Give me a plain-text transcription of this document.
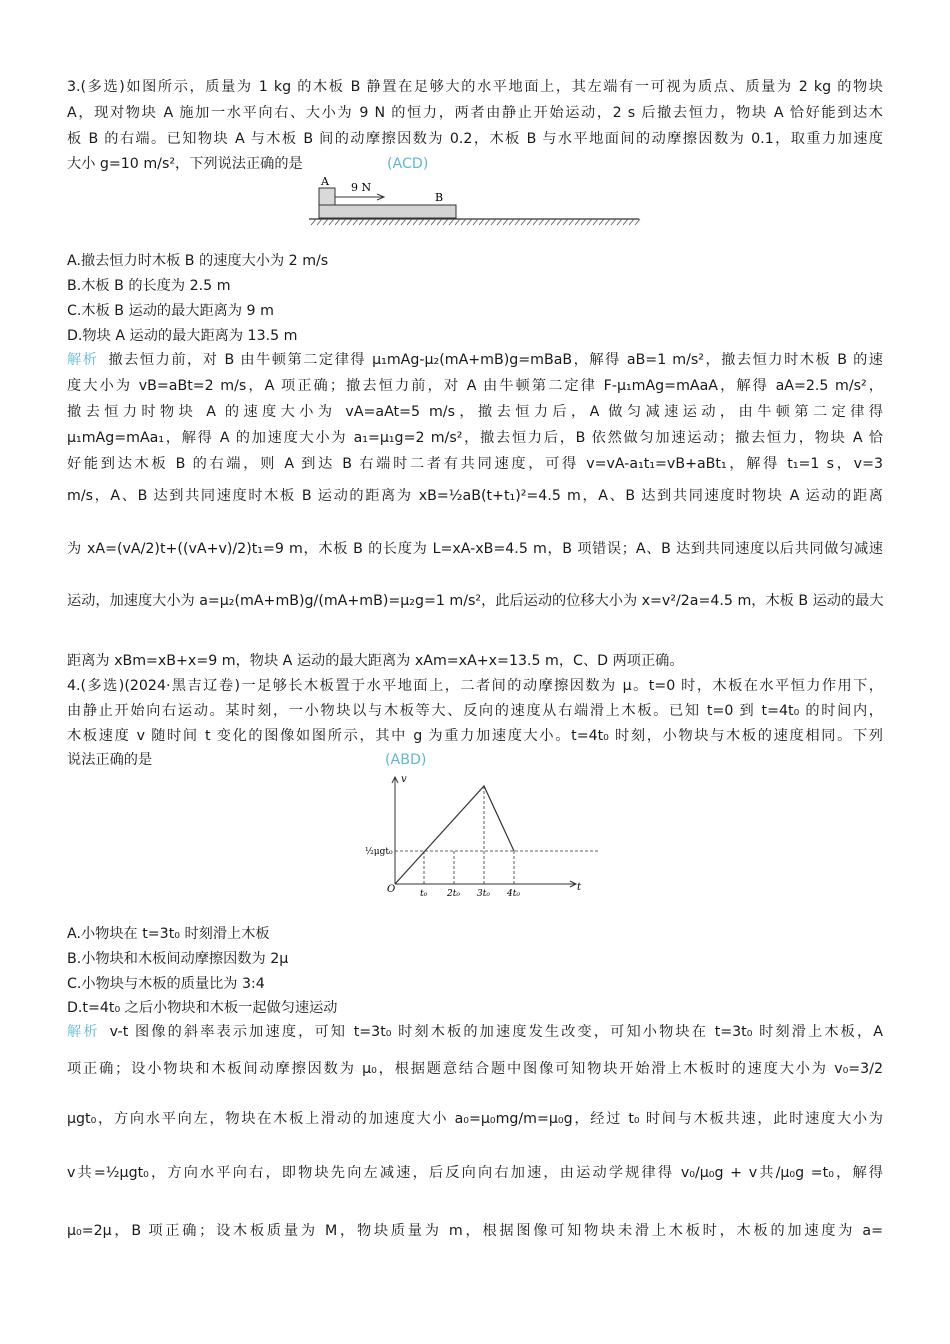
3.(多选)如图所示，质量为 1 kg 的木板 B 静置在足够大的水平地面上，其左端有一可视为质点、质量为 2 kg 的物块
A，现对物块 A 施加一水平向右、大小为 9 N 的恒力，两者由静止开始运动，2 s 后撤去恒力，物块 A 恰好能到达木
板 B 的右端。已知物块 A 与木板 B 间的动摩擦因数为 0.2，木板 B 与水平地面间的动摩擦因数为 0.1，取重力加速度
大小 g=10 m/s²，下列说法正确的是	(ACD)
A 9 N
B
A.撤去恒力时木板 B 的速度大小为 2 m/s
B.木板 B 的长度为 2.5 m
C.木板 B 运动的最大距离为 9 m
D.物块 A 运动的最大距离为 13.5 m
解析 撤去恒力前，对 B 由牛顿第二定律得 μ₁mAg-μ₂(mA+mB)g=mBaB，解得 aB=1 m/s²，撤去恒力时木板 B 的速
度大小为 vB=aBt=2 m/s，A 项正确；撤去恒力前，对 A 由牛顿第二定律 F-μ₁mAg=mAaA，解得 aA=2.5 m/s²，
撤去恒力时物块 A 的速度大小为 vA=aAt=5 m/s，撤去恒力后，A 做匀减速运动，由牛顿第二定律得
μ₁mAg=mAa₁，解得 A 的加速度大小为 a₁=μ₁g=2 m/s²，撤去恒力后，B 依然做匀加速运动；撤去恒力，物块 A 恰
好能到达木板 B 的右端，则 A 到达 B 右端时二者有共同速度，可得 v=vA-a₁t₁=vB+aBt₁，解得 t₁=1 s，v=3
m/s，A、B 达到共同速度时木板 B 运动的距离为 xB=½aB(t+t₁)²=4.5 m，A、B 达到共同速度时物块 A 运动的距离
为 xA=(vA/2)t+((vA+v)/2)t₁=9 m，木板 B 的长度为 L=xA-xB=4.5 m，B 项错误；A、B 达到共同速度以后共同做匀减速
运动，加速度大小为 a=μ₂(mA+mB)g/(mA+mB)=μ₂g=1 m/s²，此后运动的位移大小为 x=v²/2a=4.5 m，木板 B 运动的最大
距离为 xBm=xB+x=9 m，物块 A 运动的最大距离为 xAm=xA+x=13.5 m，C、D 两项正确。
4.(多选)(2024·黑吉辽卷)一足够长木板置于水平地面上，二者间的动摩擦因数为 μ。t=0 时，木板在水平恒力作用下，
由静止开始向右运动。某时刻，一小物块以与木板等大、反向的速度从右端滑上木板。已知 t=0 到 t=4t₀ 的时间内，
木板速度 v 随时间 t 变化的图像如图所示，其中 g 为重力加速度大小。t=4t₀ 时刻，小物块与木板的速度相同。下列
说法正确的是	(ABD)
O	t
v
½μgt₀
t₀ 2t₀ 3t₀ 4t₀
A.小物块在 t=3t₀ 时刻滑上木板
B.小物块和木板间动摩擦因数为 2μ
C.小物块与木板的质量比为 3:4
D.t=4t₀ 之后小物块和木板一起做匀速运动
解析 v-t 图像的斜率表示加速度，可知 t=3t₀ 时刻木板的加速度发生改变，可知小物块在 t=3t₀ 时刻滑上木板，A
项正确；设小物块和木板间动摩擦因数为 μ₀，根据题意结合题中图像可知物块开始滑上木板时的速度大小为 v₀=3/2
μgt₀，方向水平向左，物块在木板上滑动的加速度大小 a₀=μ₀mg/m=μ₀g，经过 t₀ 时间与木板共速，此时速度大小为
v共=½μgt₀，方向水平向右，即物块先向左减速，后反向向右加速，由运动学规律得 v₀/μ₀g + v共/μ₀g =t₀，解得
μ₀=2μ，B 项正确；设木板质量为 M，物块质量为 m，根据图像可知物块未滑上木板时，木板的加速度为 a=
